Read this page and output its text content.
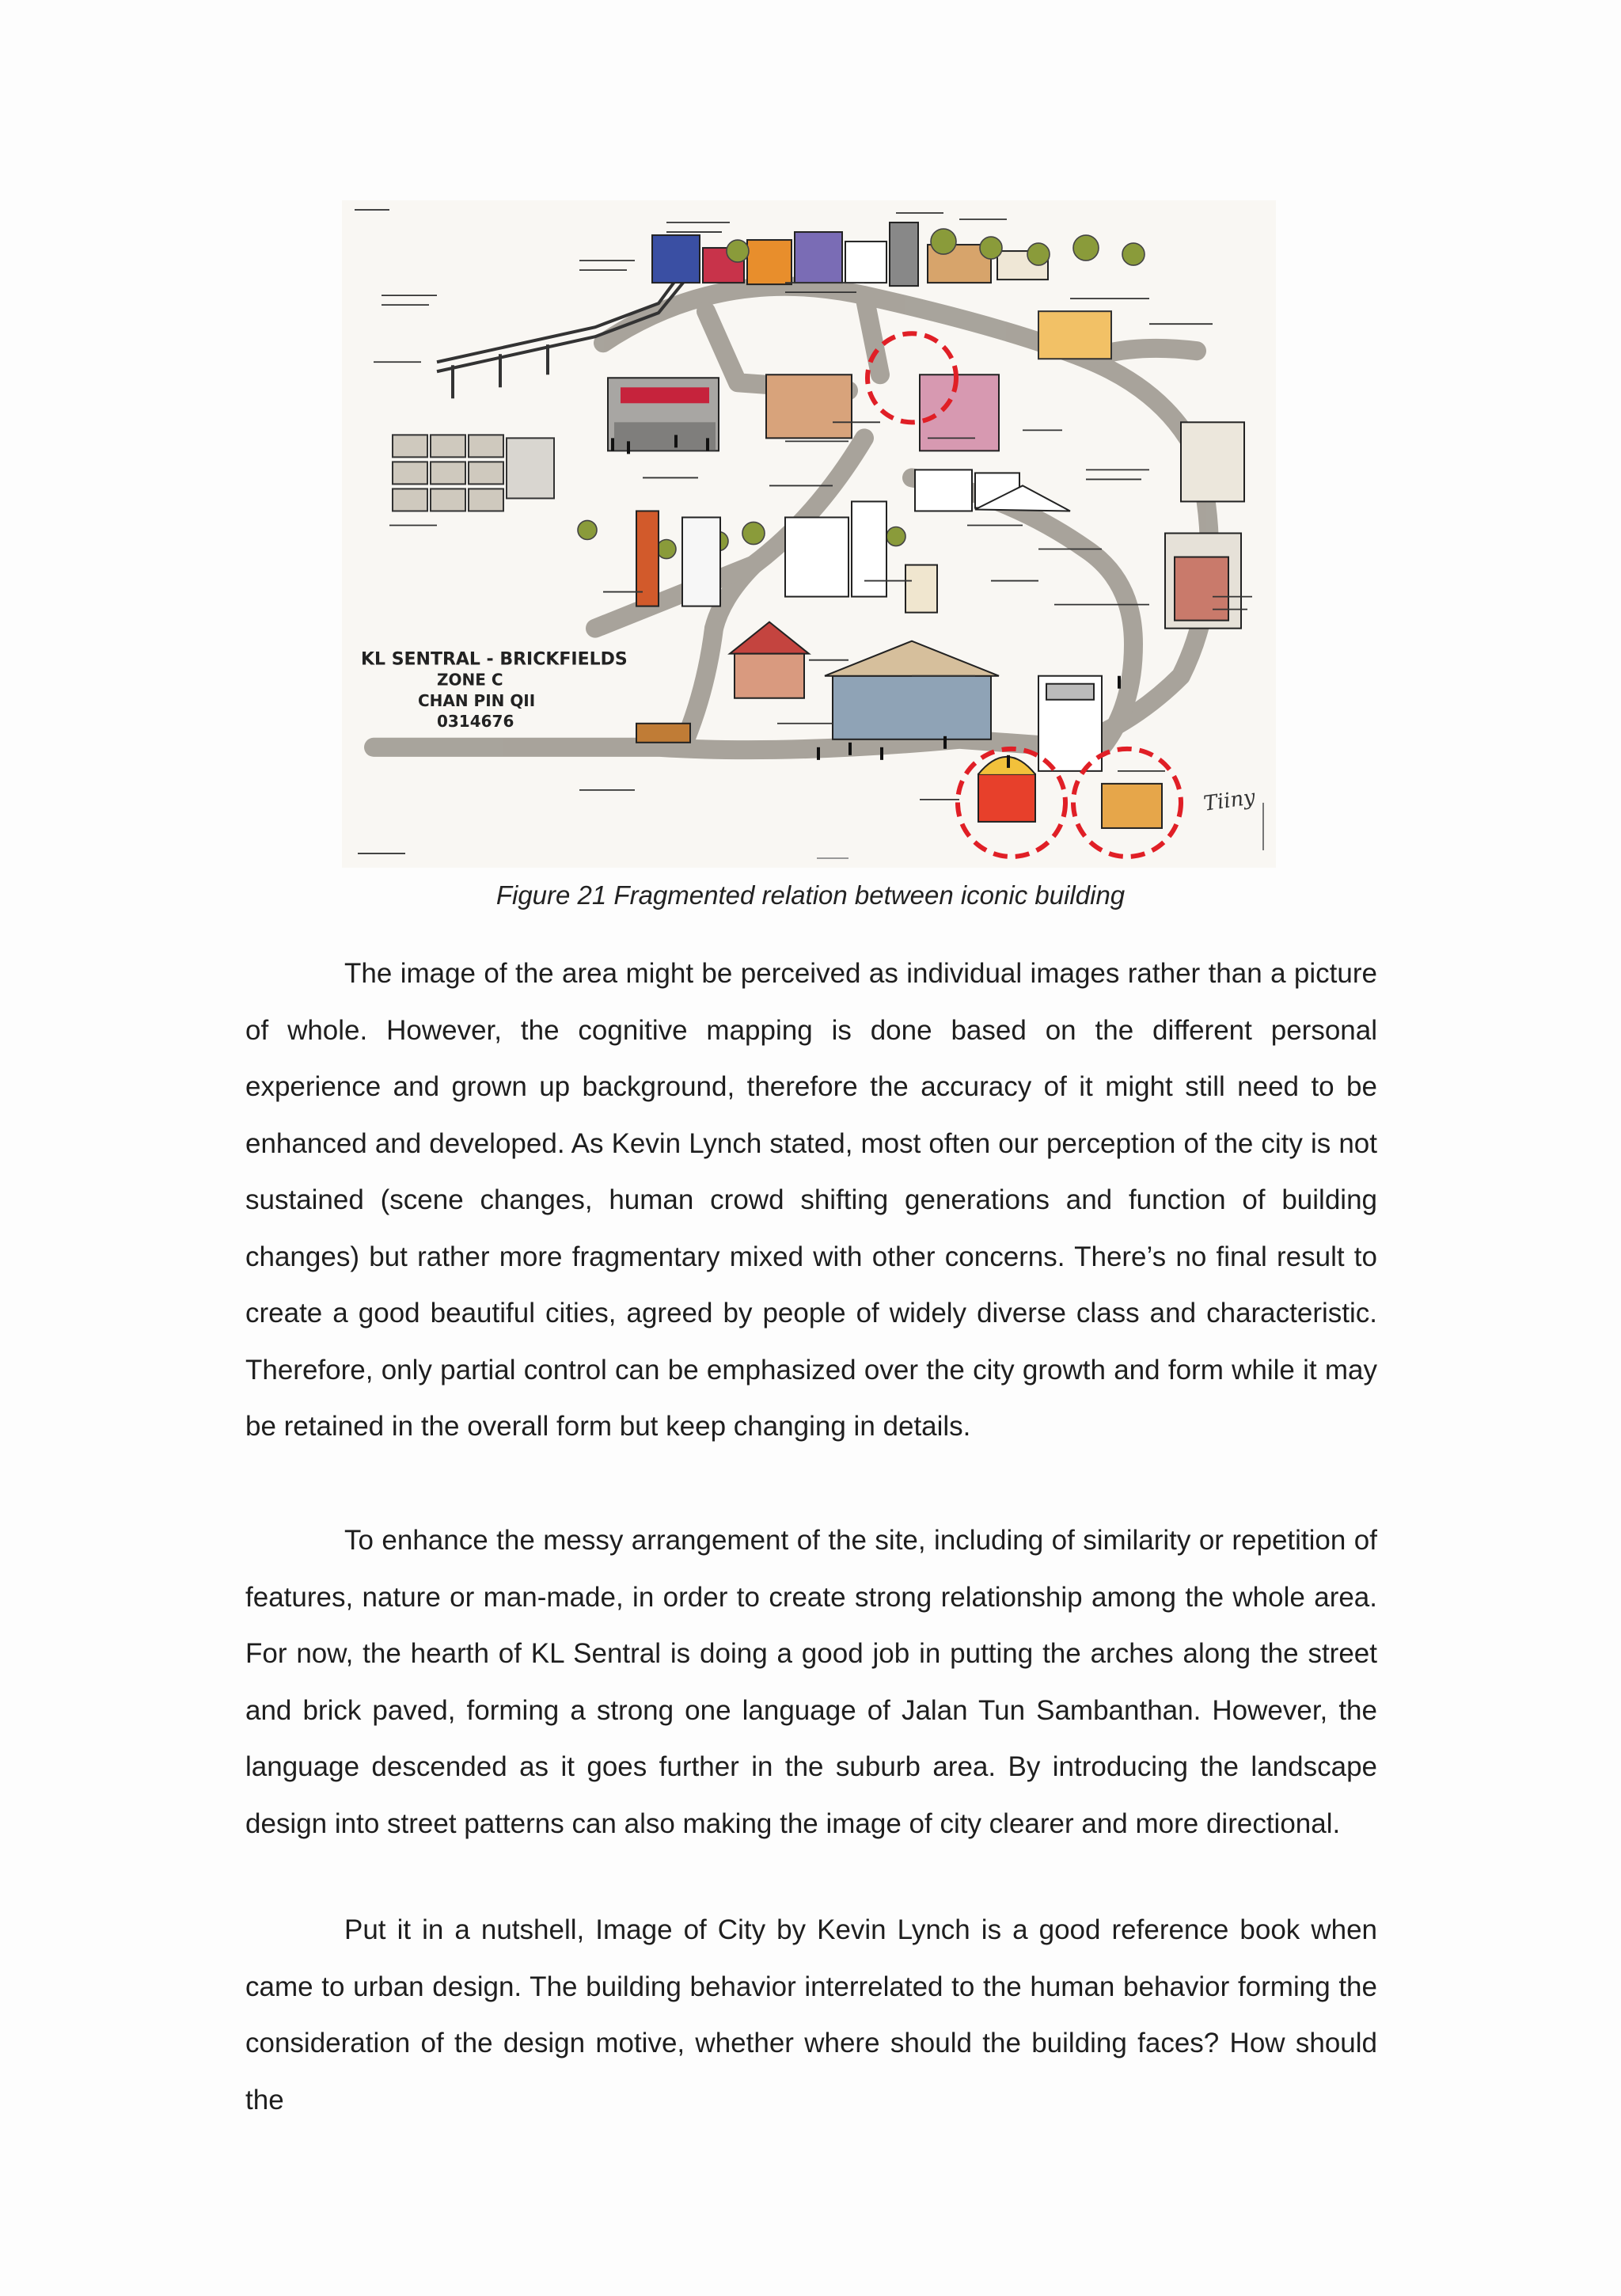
KL SENTRAL - BRICKFIELDS
ZONE C
CHAN PIN QII
0314676
Tiiny
Figure 21 Fragmented relation between iconic building

The image of the area might be perceived as individual images rather than a picture of whole. However, the cognitive mapping is done based on the different personal experience and grown up background, therefore the accuracy of it might still need to be enhanced and developed. As Kevin Lynch stated, most often our perception of the city is not sustained (scene changes, human crowd shifting generations and function of building changes) but rather more fragmentary mixed with other concerns. There’s no final result to create a good beautiful cities, agreed by people of widely diverse class and characteristic. Therefore, only partial control can be emphasized over the city growth and form while it may be retained in the overall form but keep changing in details.

To enhance the messy arrangement of the site, including of similarity or repetition of features, nature or man-made, in order to create strong relationship among the whole area. For now, the hearth of KL Sentral is doing a good job in putting the arches along the street and brick paved, forming a strong one language of Jalan Tun Sambanthan. However, the language descended as it goes further in the suburb area. By introducing the landscape design into street patterns can also making the image of city clearer and more directional.

Put it in a nutshell, Image of City by Kevin Lynch is a good reference book when came to urban design. The building behavior interrelated to the human behavior forming the consideration of the design motive, whether where should the building faces? How should the
